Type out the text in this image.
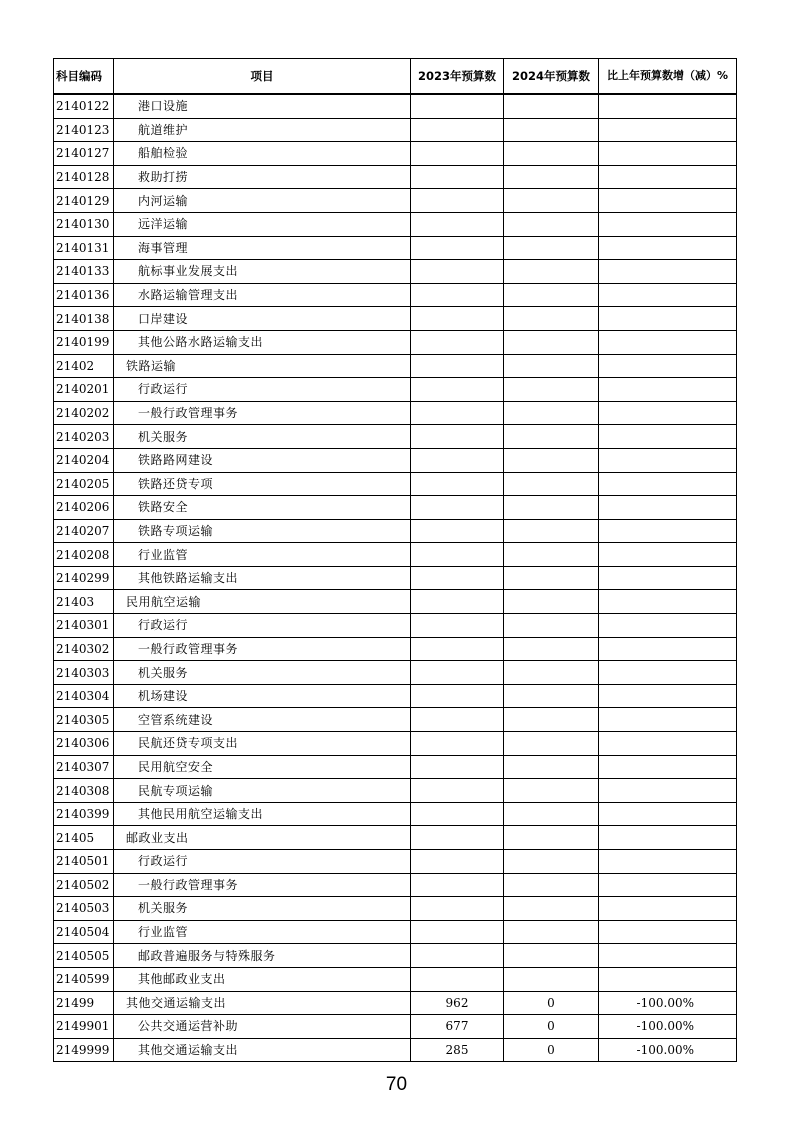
科目编码	项目	2023年预算数	2024年预算数	比上年预算数增（减）%
2140122	港口设施			
2140123	航道维护			
2140127	船舶检验			
2140128	救助打捞			
2140129	内河运输			
2140130	远洋运输			
2140131	海事管理			
2140133	航标事业发展支出			
2140136	水路运输管理支出			
2140138	口岸建设			
2140199	其他公路水路运输支出			
21402	铁路运输			
2140201	行政运行			
2140202	一般行政管理事务			
2140203	机关服务			
2140204	铁路路网建设			
2140205	铁路还贷专项			
2140206	铁路安全			
2140207	铁路专项运输			
2140208	行业监管			
2140299	其他铁路运输支出			
21403	民用航空运输			
2140301	行政运行			
2140302	一般行政管理事务			
2140303	机关服务			
2140304	机场建设			
2140305	空管系统建设			
2140306	民航还贷专项支出			
2140307	民用航空安全			
2140308	民航专项运输			
2140399	其他民用航空运输支出			
21405	邮政业支出			
2140501	行政运行			
2140502	一般行政管理事务			
2140503	机关服务			
2140504	行业监管			
2140505	邮政普遍服务与特殊服务			
2140599	其他邮政业支出			
21499	其他交通运输支出	962	0	-100.00%
2149901	公共交通运营补助	677	0	-100.00%
2149999	其他交通运输支出	285	0	-100.00%
70
